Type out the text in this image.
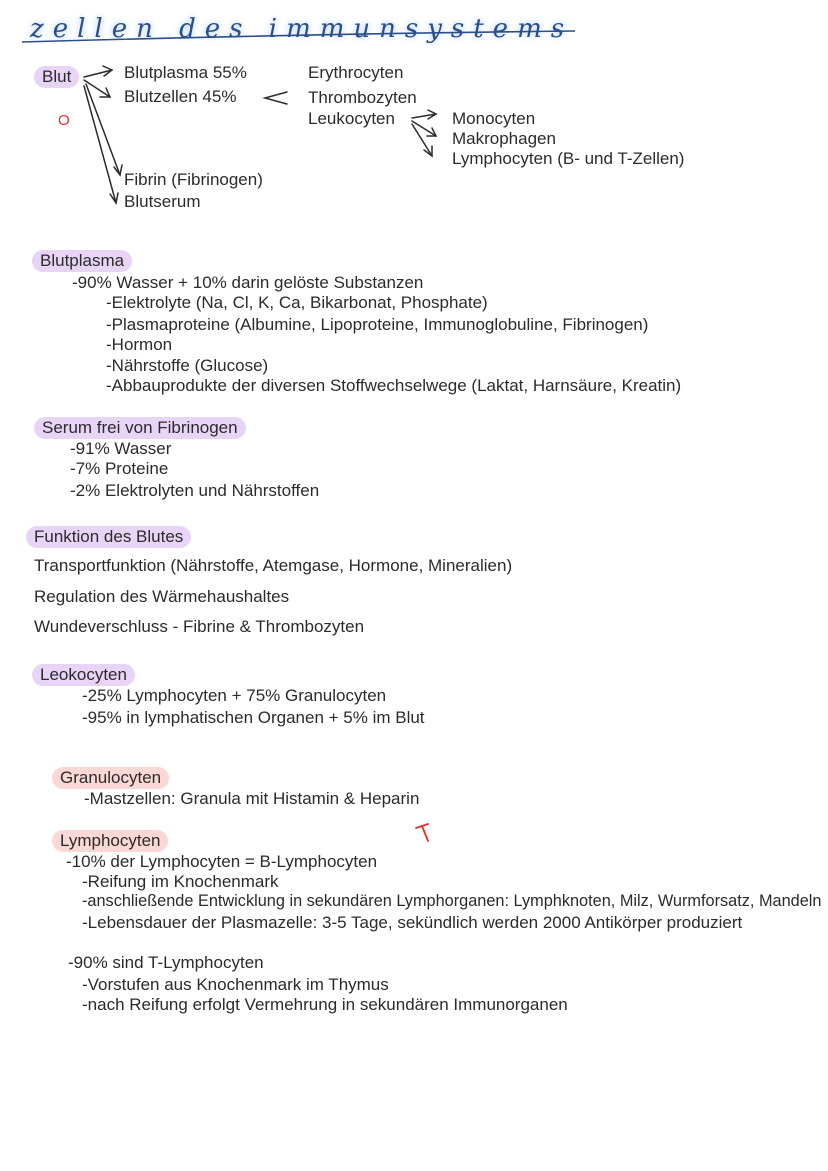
zellen des immunsystems
Blut
O
Blutplasma 55%
Blutzellen 45%
Fibrin (Fibrinogen)
Blutserum
Erythrocyten
Thrombozyten
Leukocyten	Monocyten
Makrophagen
Lymphocyten (B- und T-Zellen)
Blutplasma
-90% Wasser + 10% darin gelöste Substanzen
-Elektrolyte (Na, Cl, K, Ca, Bikarbonat, Phosphate)
-Plasmaproteine (Albumine, Lipoproteine, Immunoglobuline, Fibrinogen)
-Hormon
-Nährstoffe (Glucose)
-Abbauprodukte der diversen Stoffwechselwege (Laktat, Harnsäure, Kreatin)
Serum frei von Fibrinogen
-91% Wasser
-7% Proteine
-2% Elektrolyten und Nährstoffen
Funktion des Blutes
Transportfunktion (Nährstoffe, Atemgase, Hormone, Mineralien)
Regulation des Wärmehaushaltes
Wundeverschluss - Fibrine & Thrombozyten
Leokocyten
-25% Lymphocyten + 75% Granulocyten
-95% in lymphatischen Organen + 5% im Blut
Granulocyten
-Mastzellen: Granula mit Histamin & Heparin
Lymphocyten
-10% der Lymphocyten = B-Lymphocyten
-Reifung im Knochenmark
-anschließende Entwicklung in sekundären Lymphorganen: Lymphknoten, Milz, Wurmforsatz, Mandeln
-Lebensdauer der Plasmazelle: 3-5 Tage, sekündlich werden 2000 Antikörper produziert
-90% sind T-Lymphocyten
-Vorstufen aus Knochenmark im Thymus
-nach Reifung erfolgt Vermehrung in sekundären Immunorganen
